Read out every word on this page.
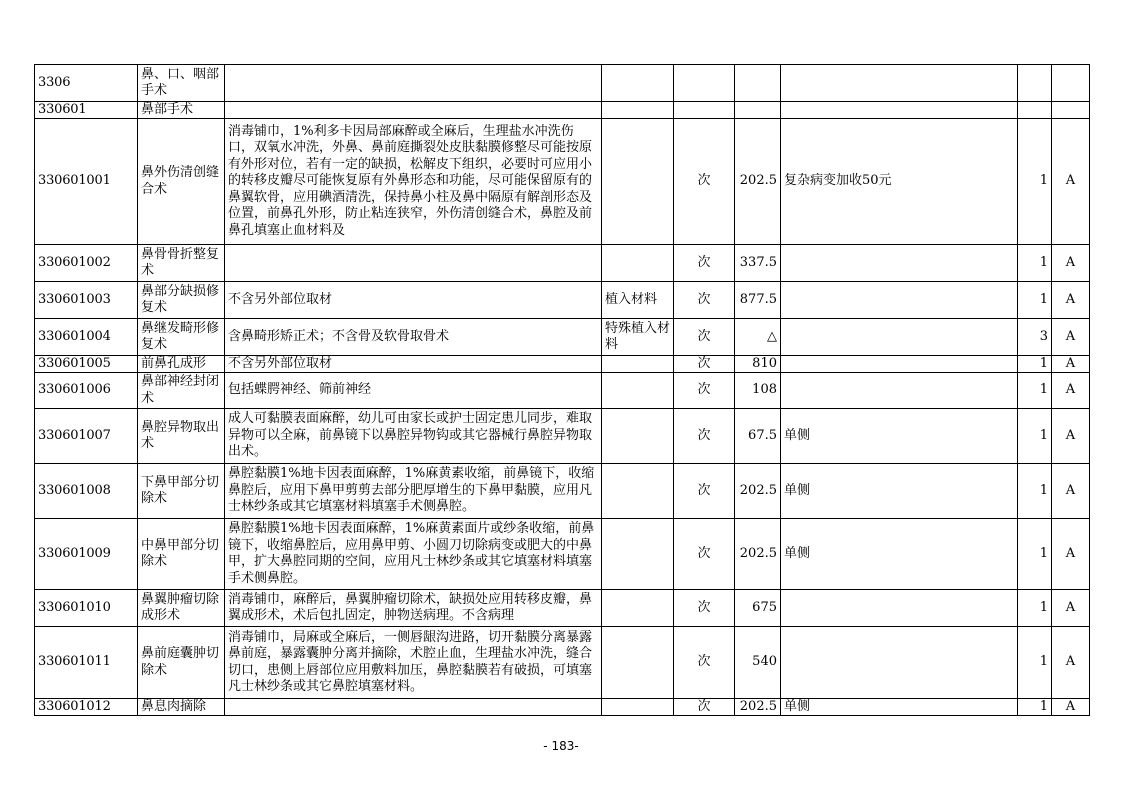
3306	鼻、口、咽部手术							

330601	鼻部手术							

330601001	鼻外伤清创缝合术	消毒铺巾，1%利多卡因局部麻醉或全麻后，生理盐水冲洗伤口，双氧水冲洗，外鼻、鼻前庭撕裂处皮肤黏膜修整尽可能按原有外形对位，若有一定的缺损，松解皮下组织，必要时可应用小的转移皮瓣尽可能恢复原有外鼻形态和功能，尽可能保留原有的鼻翼软骨，应用碘酒清洗，保持鼻小柱及鼻中隔原有解剖形态及位置，前鼻孔外形，防止粘连狭窄，外伤清创缝合术，鼻腔及前鼻孔填塞止血材料及		次	202.5	复杂病变加收50元	1	A

330601002	鼻骨骨折整复术			次	337.5		1	A

330601003	鼻部分缺损修复术	不含另外部位取材	植入材料	次	877.5		1	A

330601004	鼻继发畸形修复术	含鼻畸形矫正术；不含骨及软骨取骨术	特殊植入材料	次	△		3	A

330601005	前鼻孔成形	不含另外部位取材		次	810		1	A

330601006	鼻部神经封闭术	包括蝶腭神经、筛前神经		次	108		1	A

330601007	鼻腔异物取出术	成人可黏膜表面麻醉，幼儿可由家长或护士固定患儿同步，难取异物可以全麻，前鼻镜下以鼻腔异物钩或其它器械行鼻腔异物取出术。		次	67.5	单侧	1	A

330601008	下鼻甲部分切除术	鼻腔黏膜1%地卡因表面麻醉，1%麻黄素收缩，前鼻镜下，收缩鼻腔后，应用下鼻甲剪剪去部分肥厚增生的下鼻甲黏膜，应用凡士林纱条或其它填塞材料填塞手术侧鼻腔。		次	202.5	单侧	1	A

330601009	中鼻甲部分切除术	鼻腔黏膜1%地卡因表面麻醉，1%麻黄素面片或纱条收缩，前鼻镜下，收缩鼻腔后，应用鼻甲剪、小圆刀切除病变或肥大的中鼻甲，扩大鼻腔同期的空间，应用凡士林纱条或其它填塞材料填塞手术侧鼻腔。		次	202.5	单侧	1	A

330601010	鼻翼肿瘤切除成形术	消毒铺巾，麻醉后，鼻翼肿瘤切除术，缺损处应用转移皮瓣，鼻翼成形术，术后包扎固定，肿物送病理。不含病理		次	675		1	A

330601011	鼻前庭囊肿切除术	消毒铺巾，局麻或全麻后，一侧唇龈沟进路，切开黏膜分离暴露鼻前庭，暴露囊肿分离并摘除，术腔止血，生理盐水冲洗，缝合切口，患侧上唇部位应用敷料加压，鼻腔黏膜若有破损，可填塞凡士林纱条或其它鼻腔填塞材料。		次	540		1	A

330601012	鼻息肉摘除			次	202.5	单侧	1	A
- 183-
